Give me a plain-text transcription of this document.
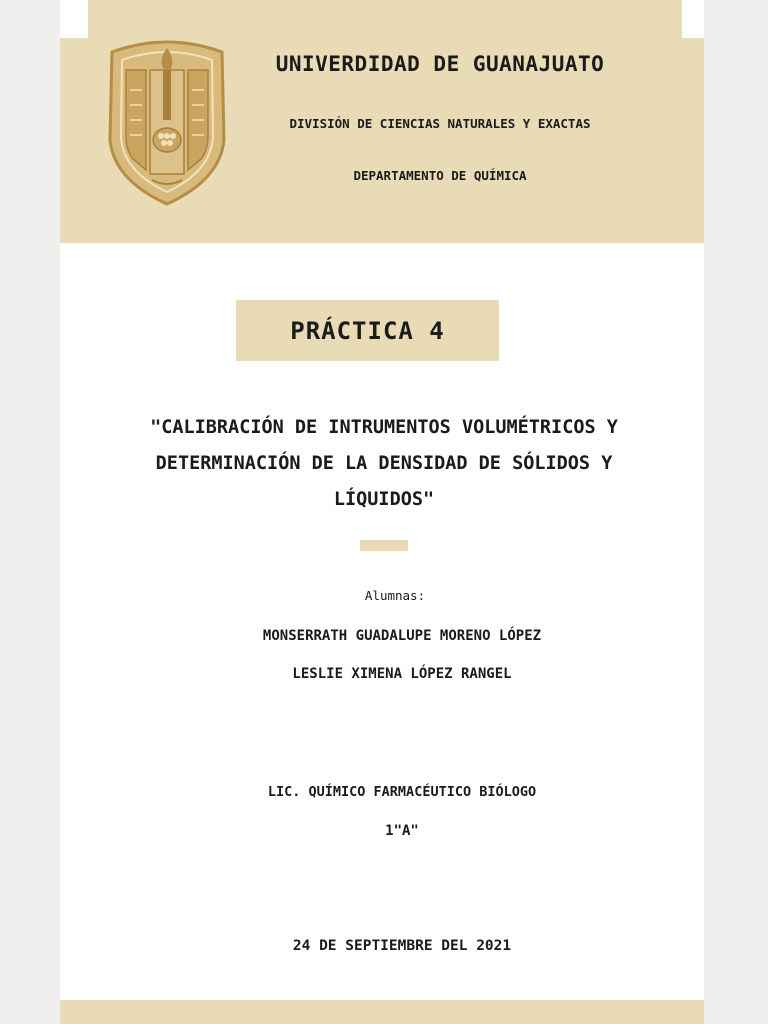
UNIVERDIDAD DE GUANAJUATO
DIVISIÓN DE CIENCIAS NATURALES Y EXACTAS
DEPARTAMENTO DE QUÍMICA
PRÁCTICA 4
"CALIBRACIÓN DE INTRUMENTOS VOLUMÉTRICOS Y
DETERMINACIÓN DE LA DENSIDAD DE SÓLIDOS Y
LÍQUIDOS"
Alumnas:
MONSERRATH GUADALUPE MORENO LÓPEZ
LESLIE XIMENA LÓPEZ RANGEL
LIC. QUÍMICO FARMACÉUTICO BIÓLOGO
1"A"
24 DE SEPTIEMBRE DEL 2021
